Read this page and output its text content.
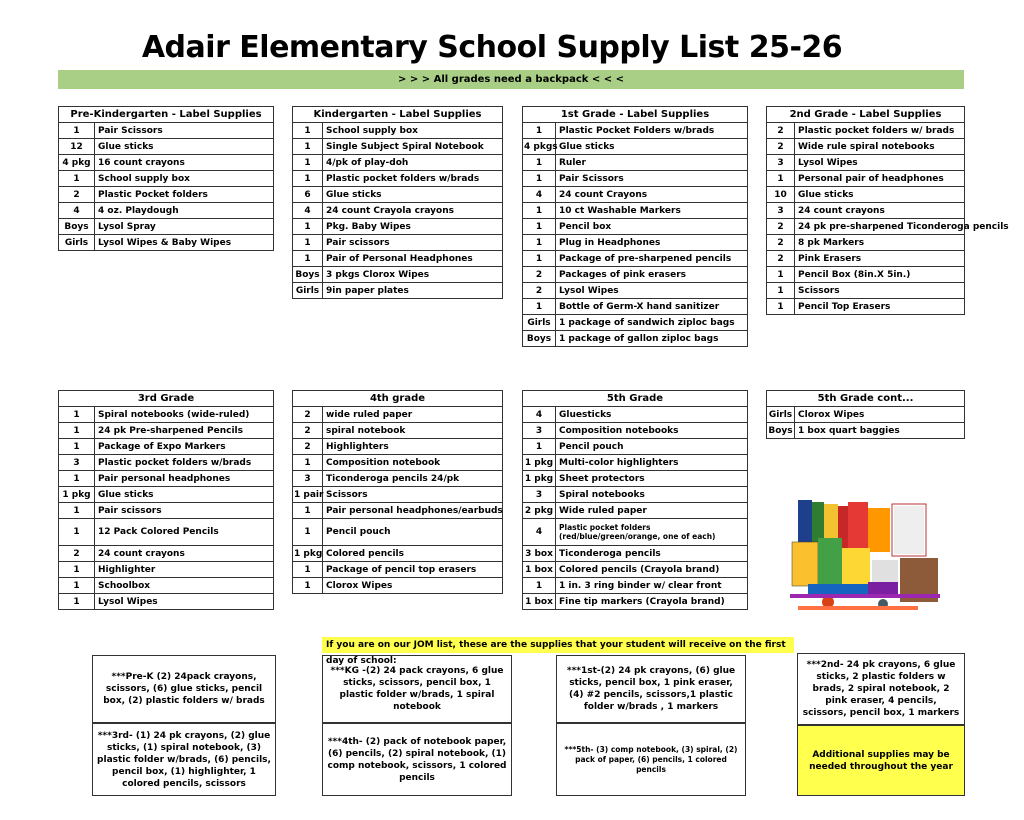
Adair Elementary School Supply List 25-26
> > > All grades need a backpack < < <
Pre-Kindergarten - Label Supplies	
1	Pair Scissors
12	Glue sticks
4 pkg	16 count crayons
1	School supply box
2	Plastic Pocket folders
4	4 oz. Playdough
Boys	Lysol Spray
Girls	Lysol Wipes & Baby Wipes
Kindergarten - Label Supplies	
1	School supply box
1	Single Subject Spiral Notebook
1	4/pk of play-doh
1	Plastic pocket folders w/brads
6	Glue sticks
4	24 count Crayola crayons
1	Pkg. Baby Wipes
1	Pair scissors
1	Pair of Personal Headphones
Boys	3 pkgs Clorox Wipes
Girls	9in paper plates
1st Grade - Label Supplies	
1	Plastic Pocket Folders w/brads
4 pkgs	Glue sticks
1	Ruler
1	Pair Scissors
4	24 count Crayons
1	10 ct Washable Markers
1	Pencil box
1	Plug in Headphones
1	Package of pre-sharpened pencils
2	Packages of pink erasers
2	Lysol Wipes
1	Bottle of Germ-X hand sanitizer
Girls	1 package of sandwich ziploc bags
Boys	1 package of gallon ziploc bags
2nd Grade - Label Supplies	
2	Plastic pocket folders w/ brads
2	Wide rule spiral notebooks
3	Lysol Wipes
1	Personal pair of headphones
10	Glue sticks
3	24 count crayons
2	24 pk pre-sharpened Ticonderoga pencils
2	8 pk Markers
2	Pink Erasers
1	Pencil Box (8in.X 5in.)
1	Scissors
1	Pencil Top Erasers
3rd Grade	
1	Spiral notebooks (wide-ruled)
1	24 pk Pre-sharpened Pencils
1	Package of Expo Markers
3	Plastic pocket folders w/brads
1	Pair personal headphones
1 pkg	Glue sticks
1	Pair scissors
1	12 Pack Colored Pencils
2	24 count crayons
1	Highlighter
1	Schoolbox
1	Lysol Wipes
4th grade	
2	wide ruled paper
2	spiral notebook
2	Highlighters
1	Composition notebook
3	Ticonderoga pencils 24/pk
1 pair	Scissors
1	Pair personal headphones/earbuds
1	Pencil pouch
1 pkg	Colored pencils
1	Package of pencil top erasers
1	Clorox Wipes
5th Grade	
4	Gluesticks
3	Composition notebooks
1	Pencil pouch
1 pkg	Multi-color highlighters
1 pkg	Sheet protectors
3	Spiral notebooks
2 pkg	Wide ruled paper
4	Plastic pocket folders (red/blue/green/orange, one of each)
3 box	Ticonderoga pencils
1 box	Colored pencils (Crayola brand)
1	1 in. 3 ring binder w/ clear front
1 box	Fine tip markers (Crayola brand)
5th Grade cont...	
Girls	Clorox Wipes
Boys	1 box quart baggies
If you are on our JOM list, these are the supplies that your student will receive on the first day of school:
***Pre-K (2) 24pack crayons, scissors, (6) glue sticks, pencil box, (2) plastic folders w/ brads
***KG -(2) 24 pack crayons, 6 glue sticks, scissors, pencil box, 1 plastic folder w/brads, 1 spiral notebook
***1st-(2) 24 pk crayons, (6) glue sticks, pencil box, 1 pink eraser, (4) #2 pencils, scissors,1 plastic folder w/brads , 1 markers
***2nd- 24 pk crayons, 6 glue sticks, 2 plastic folders w brads, 2 spiral notebook, 2 pink eraser, 4 pencils, scissors, pencil box, 1 markers
***3rd- (1) 24 pk crayons, (2) glue sticks, (1) spiral notebook, (3) plastic folder w/brads, (6) pencils, pencil box, (1) highlighter, 1 colored pencils, scissors
***4th- (2) pack of notebook paper, (6) pencils, (2) spiral notebook, (1) comp notebook, scissors, 1 colored pencils
***5th- (3) comp notebook, (3) spiral, (2) pack of paper, (6) pencils, 1 colored pencils
Additional supplies may be needed throughout the year
